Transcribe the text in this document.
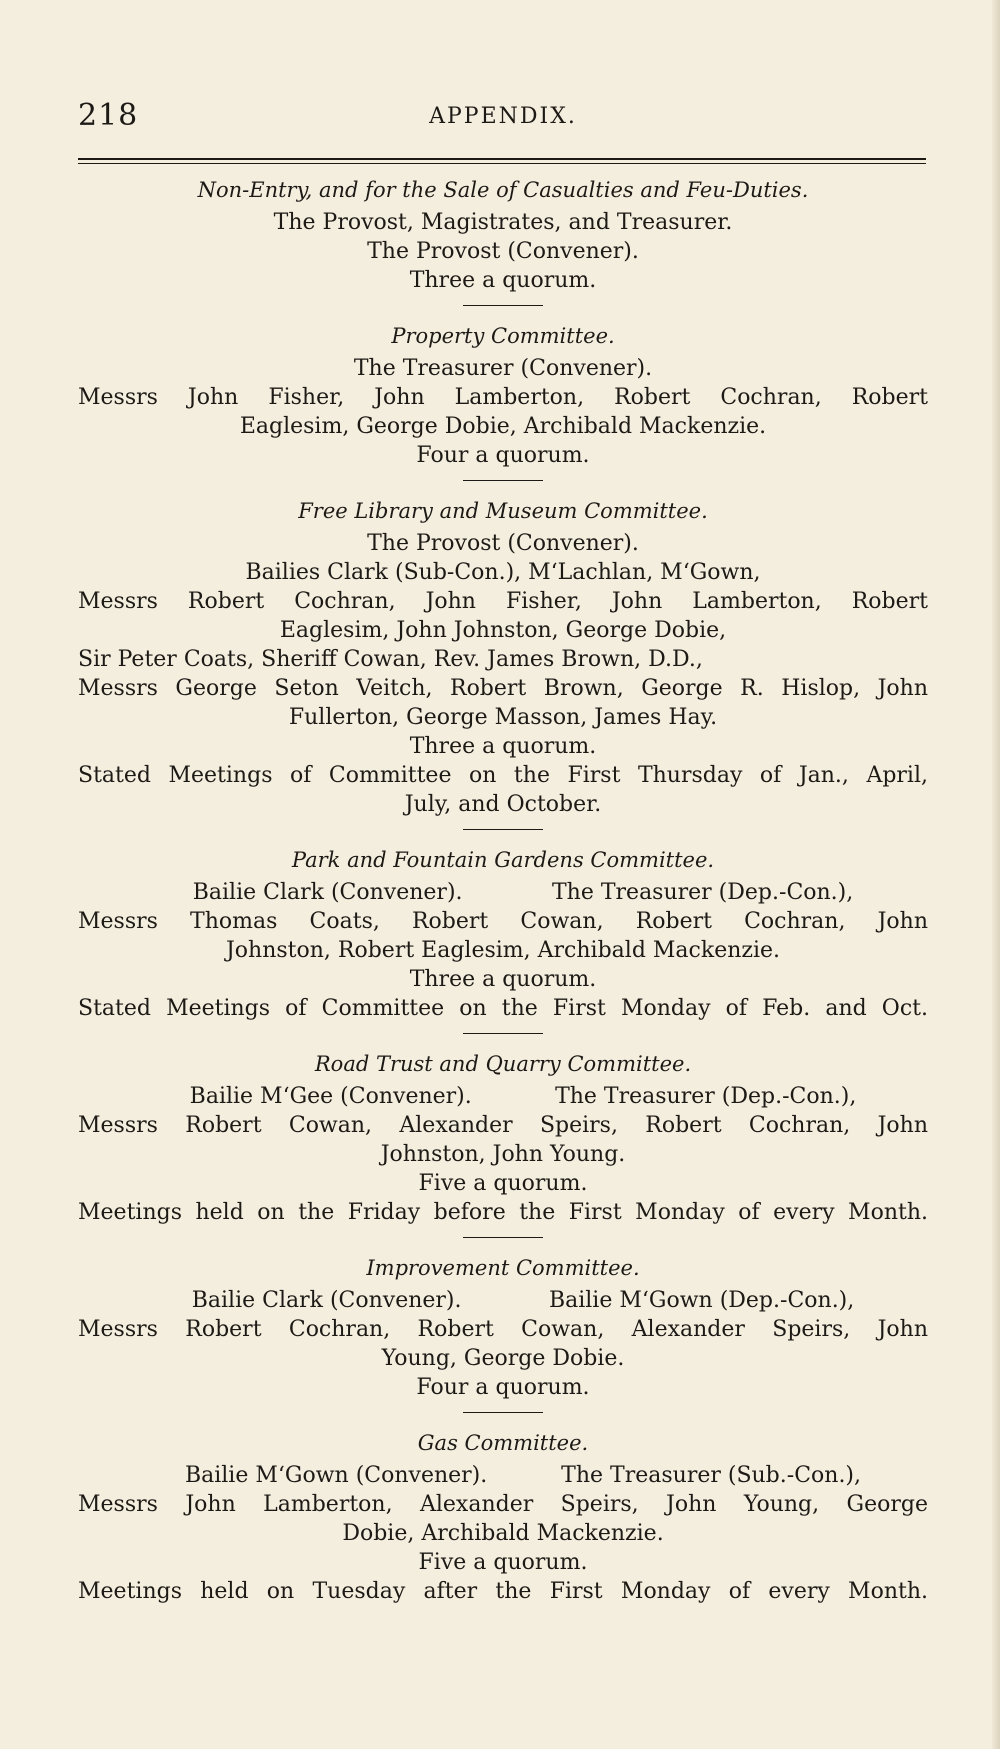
218	APPENDIX.
Non-Entry, and for the Sale of Casualties and Feu-Duties.
The Provost, Magistrates, and Treasurer.
The Provost (Convener).
Three a quorum.
Property Committee.
The Treasurer (Convener).
Messrs John Fisher, John Lamberton, Robert Cochran, Robert
Eaglesim, George Dobie, Archibald Mackenzie.
Four a quorum.
Free Library and Museum Committee.
The Provost (Convener).
Bailies Clark (Sub-Con.), M‘Lachlan, M‘Gown,
Messrs Robert Cochran, John Fisher, John Lamberton, Robert
Eaglesim, John Johnston, George Dobie,
Sir Peter Coats, Sheriff Cowan, Rev. James Brown, D.D.,
Messrs George Seton Veitch, Robert Brown, George R. Hislop, John
Fullerton, George Masson, James Hay.
Three a quorum.
Stated Meetings of Committee on the First Thursday of Jan., April,
July, and October.
Park and Fountain Gardens Committee.
Bailie Clark (Convener).	The Treasurer (Dep.-Con.),
Messrs Thomas Coats, Robert Cowan, Robert Cochran, John
Johnston, Robert Eaglesim, Archibald Mackenzie.
Three a quorum.
Stated Meetings of Committee on the First Monday of Feb. and Oct.
Road Trust and Quarry Committee.
Bailie M‘Gee (Convener).	The Treasurer (Dep.-Con.),
Messrs Robert Cowan, Alexander Speirs, Robert Cochran, John
Johnston, John Young.
Five a quorum.
Meetings held on the Friday before the First Monday of every Month.
Improvement Committee.
Bailie Clark (Convener).	Bailie M‘Gown (Dep.-Con.),
Messrs Robert Cochran, Robert Cowan, Alexander Speirs, John
Young, George Dobie.
Four a quorum.
Gas Committee.
Bailie M‘Gown (Convener).	The Treasurer (Sub.-Con.),
Messrs John Lamberton, Alexander Speirs, John Young, George
Dobie, Archibald Mackenzie.
Five a quorum.
Meetings held on Tuesday after the First Monday of every Month.
